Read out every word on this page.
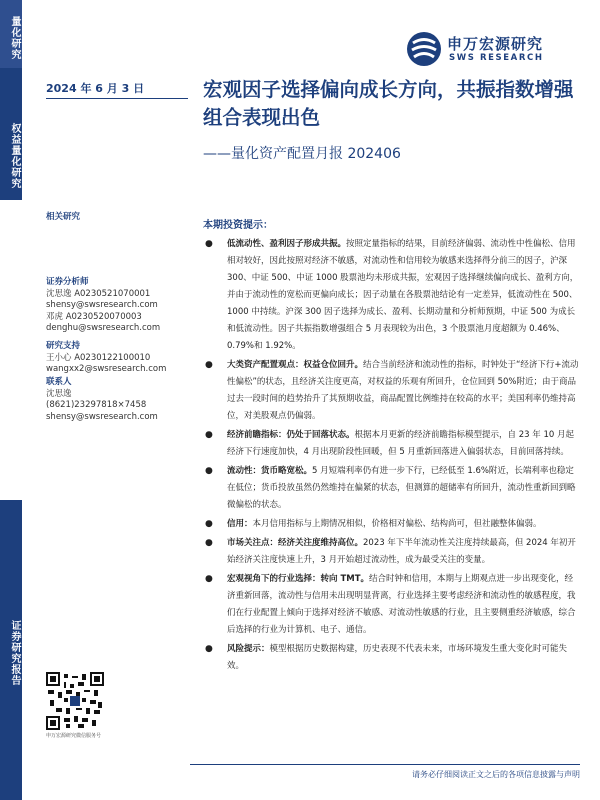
量化研究
权益量化研究
证券研究报告
申万宏源研究
SWS RESEARCH
2024 年 6 月 3 日	宏观因子选择偏向成长方向，共振指数增强组合表现出色
——量化资产配置月报 202406
相关研究
证券分析师
沈思逸 A0230521070001
shensy@swsresearch.com
邓虎 A0230520070003
denghu@swsresearch.com
研究支持
王小心 A0230122100010
wangxx2@swsresearch.com
联系人
沈思逸
(8621)23297818×7458
shensy@swsresearch.com
本期投资提示：
● 低流动性、盈利因子形成共振。按照定量指标的结果，目前经济偏弱、流动性中性偏松、信用相对较好，因此按照对经济不敏感，对流动性和信用较为敏感来选择得分前三的因子，沪深 300、中证 500、中证 1000 股票池均未形成共振，宏观因子选择继续偏向成长、盈利方向，并由于流动性的宽松而更偏向成长；因子动量在各股票池结论有一定差异，低流动性在 500、1000 中持续。沪深 300 因子选择为成长、盈利、长期动量和分析师预期，中证 500 为成长和低流动性。因子共振指数增强组合 5 月表现较为出色，3 个股票池月度超额为 0.46%、0.79%和 1.92%。
● 大类资产配置观点：权益仓位回升。结合当前经济和流动性的指标，时钟处于“经济下行+流动性偏松”的状态，且经济关注度更高，对权益的乐观有所回升，仓位回到 50%附近；由于商品过去一段时间的趋势抬升了其预期收益，商品配置比例维持在较高的水平；美国利率仍维持高位，对美股观点仍偏弱。
● 经济前瞻指标：仍处于回落状态。根据本月更新的经济前瞻指标模型提示，自 23 年 10 月起经济下行速度加快，4 月出现阶段性回暖，但 5 月重新回落进入偏弱状态，目前回落持续。
● 流动性：货币略宽松。5 月短端利率仍有进一步下行，已经低至 1.6%附近，长端利率也稳定在低位；货币投放虽然仍然维持在偏紧的状态，但测算的超储率有所回升，流动性重新回到略微偏松的状态。
● 信用：本月信用指标与上期情况相似，价格相对偏松、结构尚可，但社融整体偏弱。
● 市场关注点：经济关注度维持高位。2023 年下半年流动性关注度持续最高，但 2024 年初开始经济关注度快速上升，3 月开始超过流动性，成为最受关注的变量。
● 宏观视角下的行业选择：转向 TMT。结合时钟和信用，本期与上期观点进一步出现变化，经济重新回落，流动性与信用未出现明显背离，行业选择主要考虑经济和流动性的敏感程度，我们在行业配置上倾向于选择对经济不敏感、对流动性敏感的行业，且主要侧重经济敏感，综合后选择的行业为计算机、电子、通信。
● 风险提示：模型根据历史数据构建，历史表现不代表未来，市场环境发生重大变化时可能失效。
申万宏源研究微信服务号
请务必仔细阅读正文之后的各项信息披露与声明
